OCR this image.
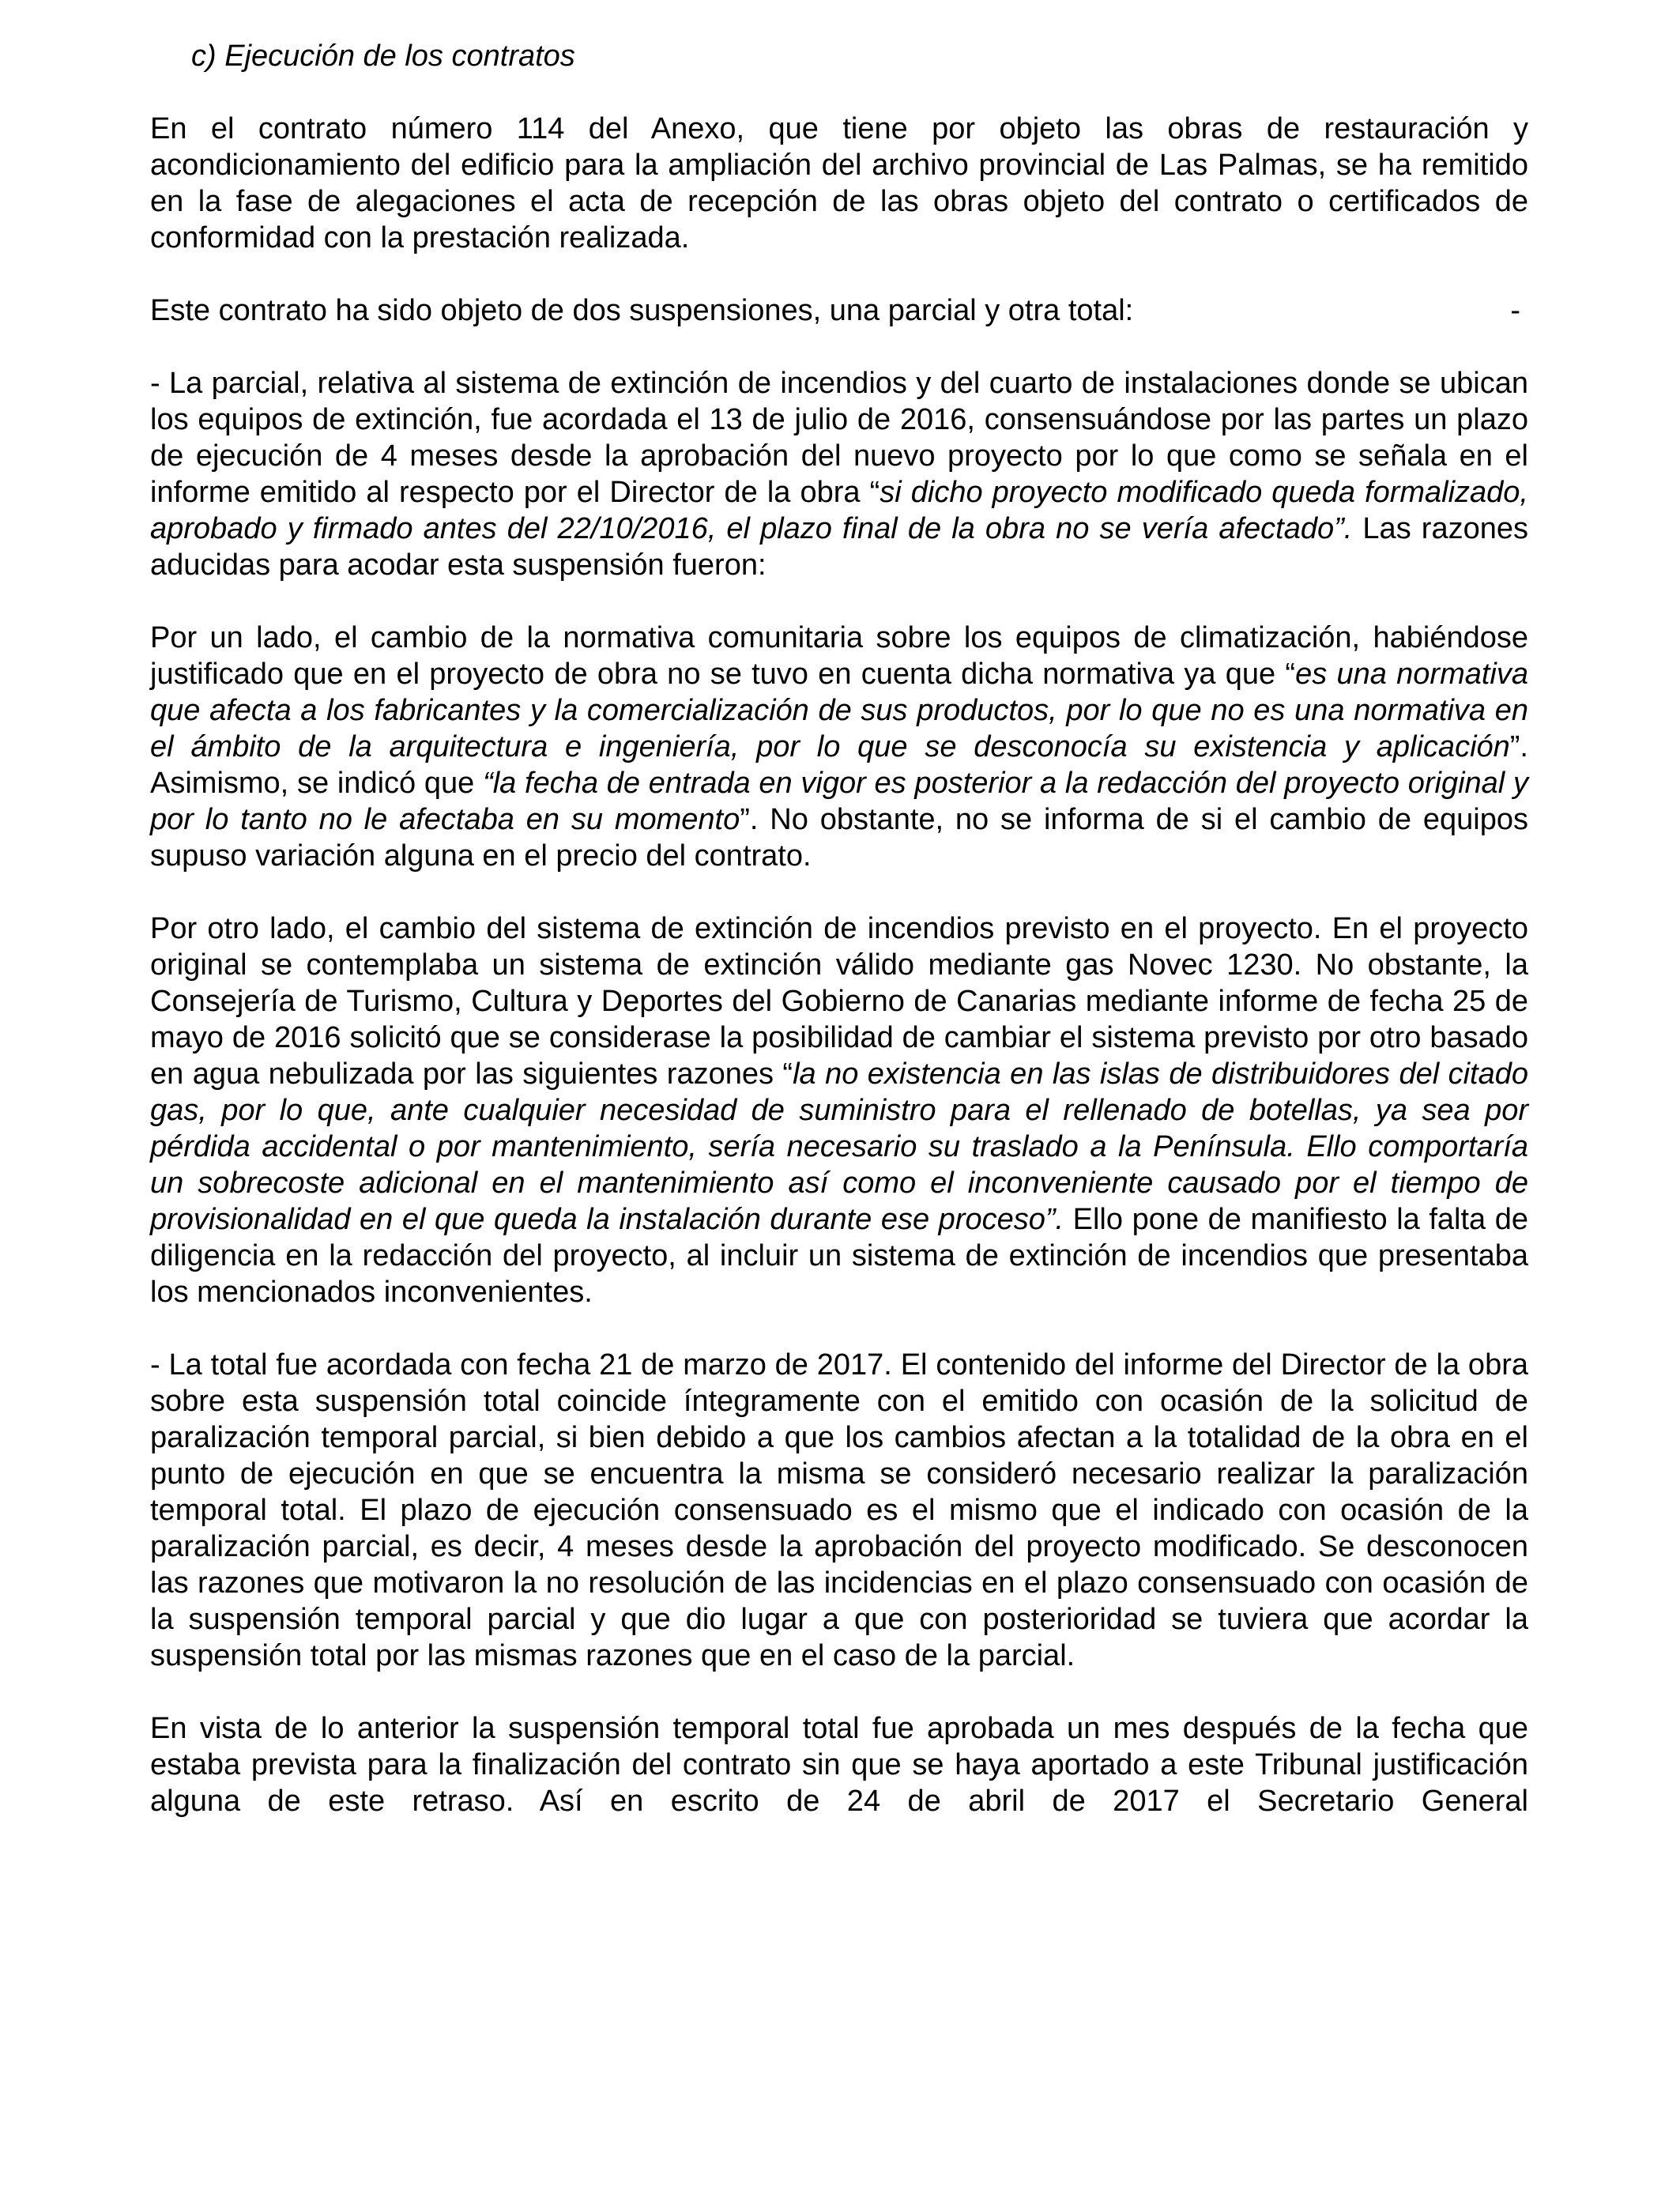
c) Ejecución de los contratos

En el contrato número 114 del Anexo, que tiene por objeto las obras de restauración y acondicionamiento del edificio para la ampliación del archivo provincial de Las Palmas, se ha remitido en la fase de alegaciones el acta de recepción de las obras objeto del contrato o certificados de conformidad con la prestación realizada.

Este contrato ha sido objeto de dos suspensiones, una parcial y otra total:	-

- La parcial, relativa al sistema de extinción de incendios y del cuarto de instalaciones donde se ubican los equipos de extinción, fue acordada el 13 de julio de 2016, consensuándose por las partes un plazo de ejecución de 4 meses desde la aprobación del nuevo proyecto por lo que como se señala en el informe emitido al respecto por el Director de la obra “si dicho proyecto modificado queda formalizado, aprobado y firmado antes del 22/10/2016, el plazo final de la obra no se vería afectado”. Las razones aducidas para acodar esta suspensión fueron:

Por un lado, el cambio de la normativa comunitaria sobre los equipos de climatización, habiéndose justificado que en el proyecto de obra no se tuvo en cuenta dicha normativa ya que “es una normativa que afecta a los fabricantes y la comercialización de sus productos, por lo que no es una normativa en el ámbito de la arquitectura e ingeniería, por lo que se desconocía su existencia y aplicación”. Asimismo, se indicó que “la fecha de entrada en vigor es posterior a la redacción del proyecto original y por lo tanto no le afectaba en su momento”. No obstante, no se informa de si el cambio de equipos supuso variación alguna en el precio del contrato.

Por otro lado, el cambio del sistema de extinción de incendios previsto en el proyecto. En el proyecto original se contemplaba un sistema de extinción válido mediante gas Novec 1230. No obstante, la Consejería de Turismo, Cultura y Deportes del Gobierno de Canarias mediante informe de fecha 25 de mayo de 2016 solicitó que se considerase la posibilidad de cambiar el sistema previsto por otro basado en agua nebulizada por las siguientes razones “la no existencia en las islas de distribuidores del citado gas, por lo que, ante cualquier necesidad de suministro para el rellenado de botellas, ya sea por pérdida accidental o por mantenimiento, sería necesario su traslado a la Península. Ello comportaría un sobrecoste adicional en el mantenimiento así como el inconveniente causado por el tiempo de provisionalidad en el que queda la instalación durante ese proceso”. Ello pone de manifiesto la falta de diligencia en la redacción del proyecto, al incluir un sistema de extinción de incendios que presentaba los mencionados inconvenientes.

- La total fue acordada con fecha 21 de marzo de 2017. El contenido del informe del Director de la obra sobre esta suspensión total coincide íntegramente con el emitido con ocasión de la solicitud de paralización temporal parcial, si bien debido a que los cambios afectan a la totalidad de la obra en el punto de ejecución en que se encuentra la misma se consideró necesario realizar la paralización temporal total. El plazo de ejecución consensuado es el mismo que el indicado con ocasión de la paralización parcial, es decir, 4 meses desde la aprobación del proyecto modificado. Se desconocen las razones que motivaron la no resolución de las incidencias en el plazo consensuado con ocasión de la suspensión temporal parcial y que dio lugar a que con posterioridad se tuviera que acordar la suspensión total por las mismas razones que en el caso de la parcial.

En vista de lo anterior la suspensión temporal total fue aprobada un mes después de la fecha que estaba prevista para la finalización del contrato sin que se haya aportado a este Tribunal justificación alguna de este retraso. Así en escrito de 24 de abril de 2017 el Secretario General
